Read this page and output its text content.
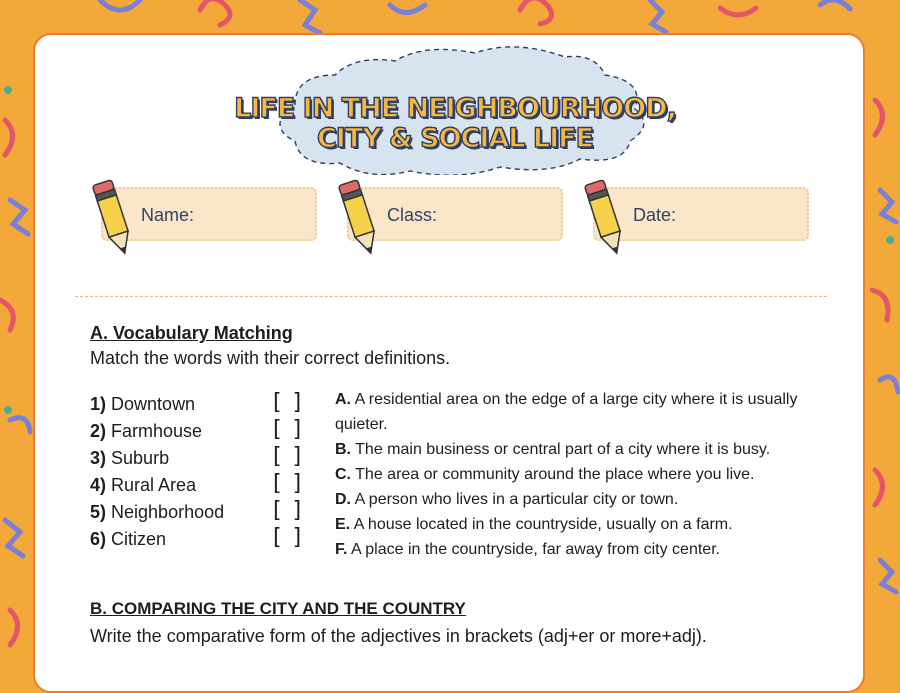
LIFE IN THE NEIGHBOURHOOD,
CITY & SOCIAL LIFE
Name:	Class:	Date:
A. Vocabulary Matching
Match the words with their correct definitions.
1) Downtown
2) Farmhouse
3) Suburb
4) Rural Area
5) Neighborhood
6) Citizen
[ ]
[ ]
[ ]
[ ]
[ ]
[ ]
A. A residential area on the edge of a large city where it is usually quieter.
B. The main business or central part of a city where it is busy.
C. The area or community around the place where you live.
D. A person who lives in a particular city or town.
E. A house located in the countryside, usually on a farm.
F. A place in the countryside, far away from city center.
B. COMPARING THE CITY AND THE COUNTRY
Write the comparative form of the adjectives in brackets (adj+er or more+adj).
